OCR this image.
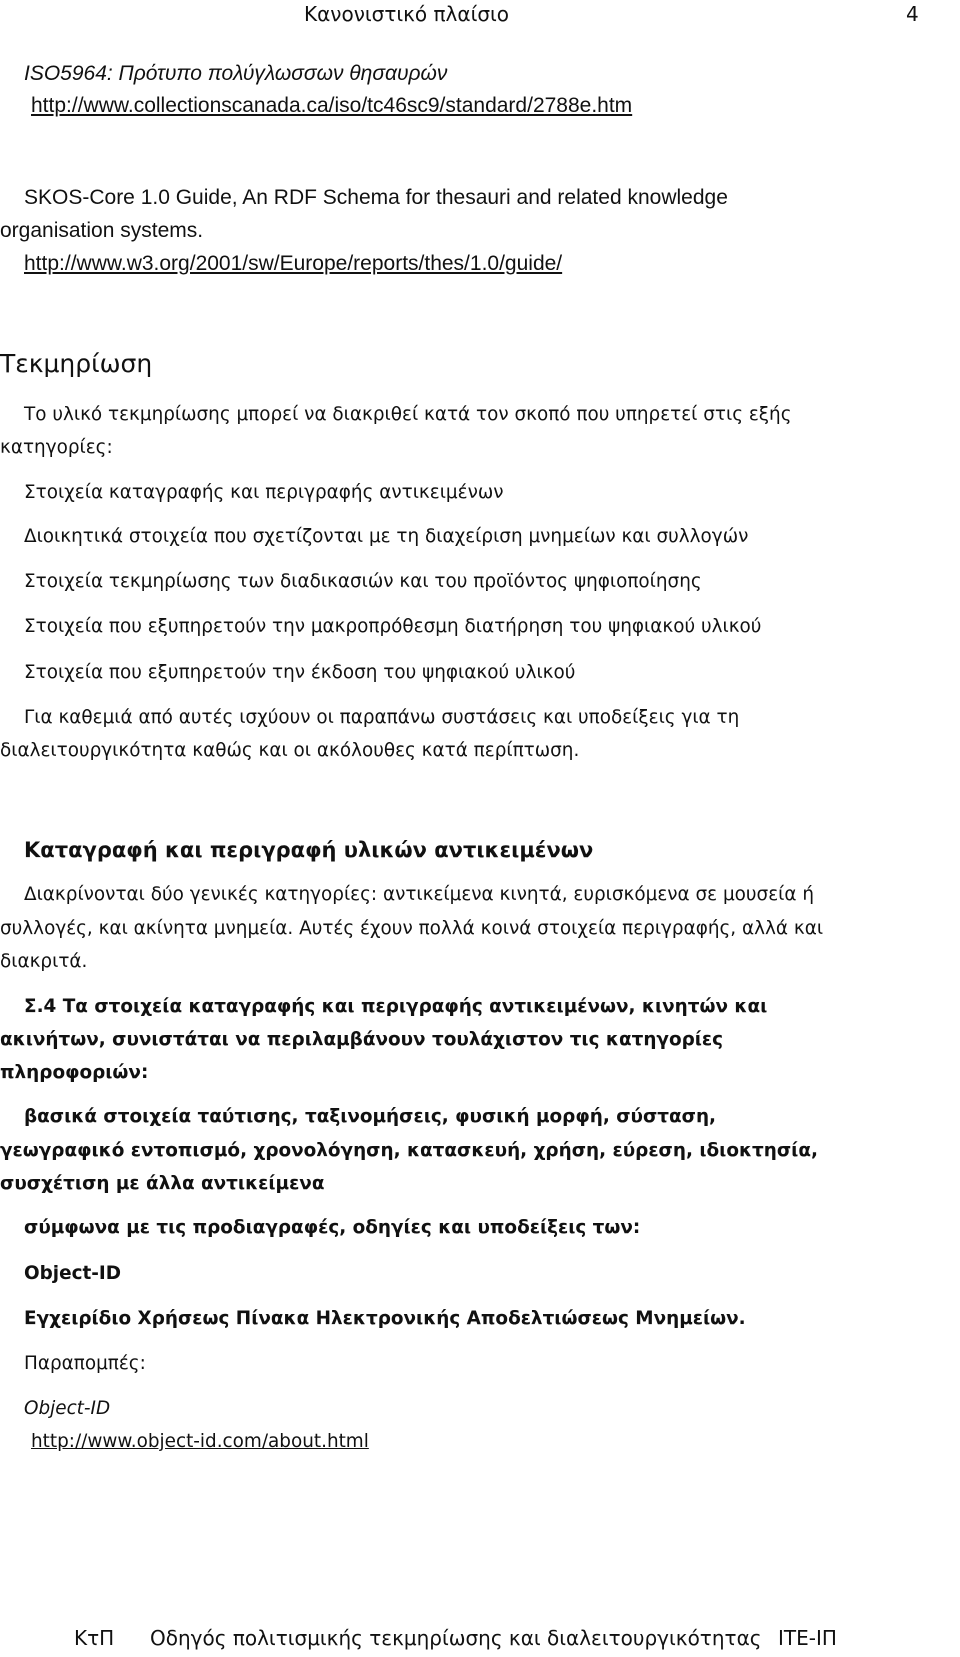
Κανονιστικό πλαίσιο	4
ISO5964: Πρότυπο πολύγλωσσων θησαυρών
http://www.collectionscanada.ca/iso/tc46sc9/standard/2788e.htm
SKOS-Core 1.0 Guide, An RDF Schema for thesauri and related knowledge
organisation systems.
http://www.w3.org/2001/sw/Europe/reports/thes/1.0/guide/
Τεκμηρίωση
Το υλικό τεκμηρίωσης μπορεί να διακριθεί κατά τον σκοπό που υπηρετεί στις εξής
κατηγορίες:
Στοιχεία καταγραφής και περιγραφής αντικειμένων
Διοικητικά στοιχεία που σχετίζονται με τη διαχείριση μνημείων και συλλογών
Στοιχεία τεκμηρίωσης των διαδικασιών και του προϊόντος ψηφιοποίησης
Στοιχεία που εξυπηρετούν την μακροπρόθεσμη διατήρηση του ψηφιακού υλικού
Στοιχεία που εξυπηρετούν την έκδοση του ψηφιακού υλικού
Για καθεμιά από αυτές ισχύουν οι παραπάνω συστάσεις και υποδείξεις για τη
διαλειτουργικότητα καθώς και οι ακόλουθες κατά περίπτωση.
Καταγραφή και περιγραφή υλικών αντικειμένων
Διακρίνονται δύο γενικές κατηγορίες: αντικείμενα κινητά, ευρισκόμενα σε μουσεία ή
συλλογές, και ακίνητα μνημεία. Αυτές έχουν πολλά κοινά στοιχεία περιγραφής, αλλά και
διακριτά.
Σ.4 Τα στοιχεία καταγραφής και περιγραφής αντικειμένων, κινητών και
ακινήτων, συνιστάται να περιλαμβάνουν τουλάχιστον τις κατηγορίες
πληροφοριών:
βασικά στοιχεία ταύτισης, ταξινομήσεις, φυσική μορφή, σύσταση,
γεωγραφικό εντοπισμό, χρονολόγηση, κατασκευή, χρήση, εύρεση, ιδιοκτησία,
συσχέτιση με άλλα αντικείμενα
σύμφωνα με τις προδιαγραφές, οδηγίες και υποδείξεις των:
Object-ID
Εγχειρίδιο Χρήσεως Πίνακα Ηλεκτρονικής Αποδελτιώσεως Μνημείων.
Παραπομπές:
Object-ID
http://www.object-id.com/about.html
ΚτΠ Οδηγός πολιτισμικής τεκμηρίωσης και διαλειτουργικότητας ΙΤΕ-ΙΠ
